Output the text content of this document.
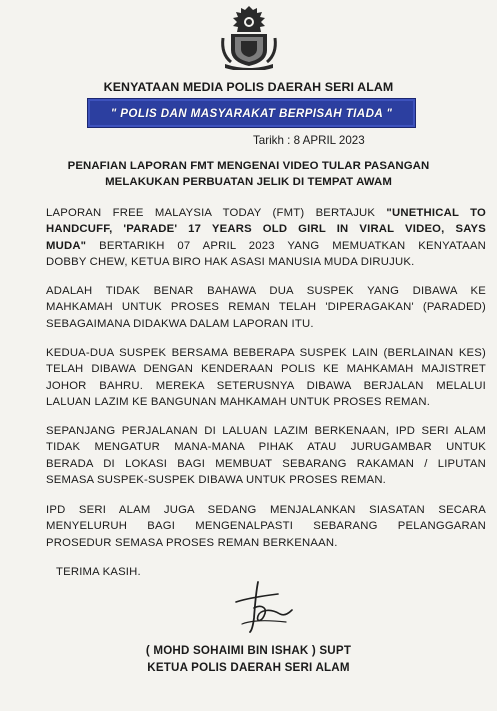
KENYATAAN MEDIA POLIS DAERAH SERI ALAM
" POLIS DAN MASYARAKAT BERPISAH TIADA "
Tarikh : 8 APRIL 2023
PENAFIAN LAPORAN FMT MENGENAI VIDEO TULAR PASANGAN
MELAKUKAN PERBUATAN JELIK DI TEMPAT AWAM
LAPORAN FREE MALAYSIA TODAY (FMT) BERTAJUK "UNETHICAL TO
HANDCUFF, 'PARADE' 17 YEARS OLD GIRL IN VIRAL VIDEO, SAYS
MUDA" BERTARIKH 07 APRIL 2023 YANG MEMUATKAN KENYATAAN
DOBBY CHEW, KETUA BIRO HAK ASASI MANUSIA MUDA DIRUJUK.
ADALAH TIDAK BENAR BAHAWA DUA SUSPEK YANG DIBAWA KE
MAHKAMAH UNTUK PROSES REMAN TELAH 'DIPERAGAKAN' (PARADED)
SEBAGAIMANA DIDAKWA DALAM LAPORAN ITU.
KEDUA-DUA SUSPEK BERSAMA BEBERAPA SUSPEK LAIN (BERLAINAN KES)
TELAH DIBAWA DENGAN KENDERAAN POLIS KE MAHKAMAH MAJISTRET
JOHOR BAHRU. MEREKA SETERUSNYA DIBAWA BERJALAN MELALUI
LALUAN LAZIM KE BANGUNAN MAHKAMAH UNTUK PROSES REMAN.
SEPANJANG PERJALANAN DI LALUAN LAZIM BERKENAAN, IPD SERI ALAM
TIDAK MENGATUR MANA-MANA PIHAK ATAU JURUGAMBAR UNTUK
BERADA DI LOKASI BAGI MEMBUAT SEBARANG RAKAMAN / LIPUTAN
SEMASA SUSPEK-SUSPEK DIBAWA UNTUK PROSES REMAN.
IPD SERI ALAM JUGA SEDANG MENJALANKAN SIASATAN SECARA
MENYELURUH BAGI MENGENALPASTI SEBARANG PELANGGARAN
PROSEDUR SEMASA PROSES REMAN BERKENAAN.
TERIMA KASIH.
( MOHD SOHAIMI BIN ISHAK ) SUPT
KETUA POLIS DAERAH SERI ALAM
